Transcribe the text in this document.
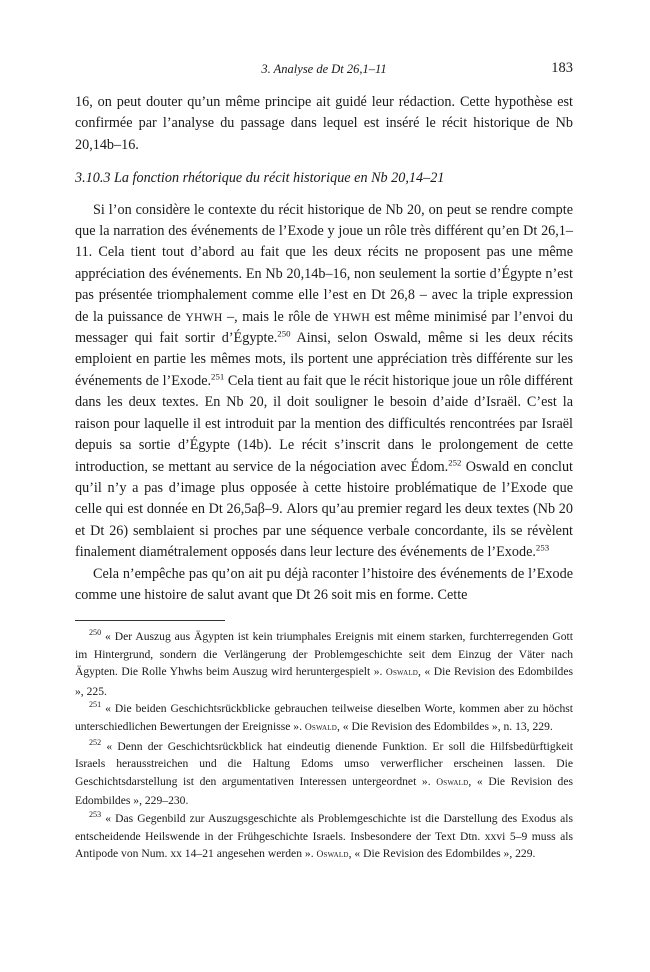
3. Analyse de Dt 26,1–11	183

16, on peut douter qu’un même principe ait guidé leur rédaction. Cette hypothèse est confirmée par l’analyse du passage dans lequel est inséré le récit historique de Nb 20,14b–16.

3.10.3 La fonction rhétorique du récit historique en Nb 20,14–21

Si l’on considère le contexte du récit historique de Nb 20, on peut se rendre compte que la narration des événements de l’Exode y joue un rôle très différent qu’en Dt 26,1–11. Cela tient tout d’abord au fait que les deux récits ne proposent pas une même appréciation des événements. En Nb 20,14b–16, non seulement la sortie d’Égypte n’est pas présentée triomphalement comme elle l’est en Dt 26,8 – avec la triple expression de la puissance de YHWH –, mais le rôle de YHWH est même minimisé par l’envoi du messager qui fait sortir d’Égypte.$^{250}$ Ainsi, selon Oswald, même si les deux récits emploient en partie les mêmes mots, ils portent une appréciation très différente sur les événements de l’Exode.$^{251}$ Cela tient au fait que le récit historique joue un rôle différent dans les deux textes. En Nb 20, il doit souligner le besoin d’aide d’Israël. C’est la raison pour laquelle il est introduit par la mention des difficultés rencontrées par Israël depuis sa sortie d’Égypte (14b). Le récit s’inscrit dans le prolongement de cette introduction, se mettant au service de la négociation avec Édom.$^{252}$ Oswald en conclut qu’il n’y a pas d’image plus opposée à cette histoire problématique de l’Exode que celle qui est donnée en Dt 26,5aβ–9. Alors qu’au premier regard les deux textes (Nb 20 et Dt 26) semblaient si proches par une séquence verbale concordante, ils se révèlent finalement diamétralement opposés dans leur lecture des événements de l’Exode.$^{253}$

Cela n’empêche pas qu’on ait pu déjà raconter l’histoire des événements de l’Exode comme une histoire de salut avant que Dt 26 soit mis en forme. Cette

$^{250}$ « Der Auszug aus Ägypten ist kein triumphales Ereignis mit einem starken, furchterregenden Gott im Hintergrund, sondern die Verlängerung der Problemgeschichte seit dem Einzug der Väter nach Ägypten. Die Rolle Yhwhs beim Auszug wird heruntergespielt ». Oswald, « Die Revision des Edombildes », 225.

$^{251}$ « Die beiden Geschichtsrückblicke gebrauchen teilweise dieselben Worte, kommen aber zu höchst unterschiedlichen Bewertungen der Ereignisse ». Oswald, « Die Revision des Edombildes », n. 13, 229.

$^{252}$ « Denn der Geschichtsrückblick hat eindeutig dienende Funktion. Er soll die Hilfsbedürftigkeit Israels herausstreichen und die Haltung Edoms umso verwerflicher erscheinen lassen. Die Geschichtsdarstellung ist den argumentativen Interessen untergeordnet ». Oswald, « Die Revision des Edombildes », 229–230.

$^{253}$ « Das Gegenbild zur Auszugsgeschichte als Problemgeschichte ist die Darstellung des Exodus als entscheidende Heilswende in der Frühgeschichte Israels. Insbesondere der Text Dtn. xxvi 5–9 muss als Antipode von Num. xx 14–21 angesehen werden ». Oswald, « Die Revision des Edombildes », 229.
